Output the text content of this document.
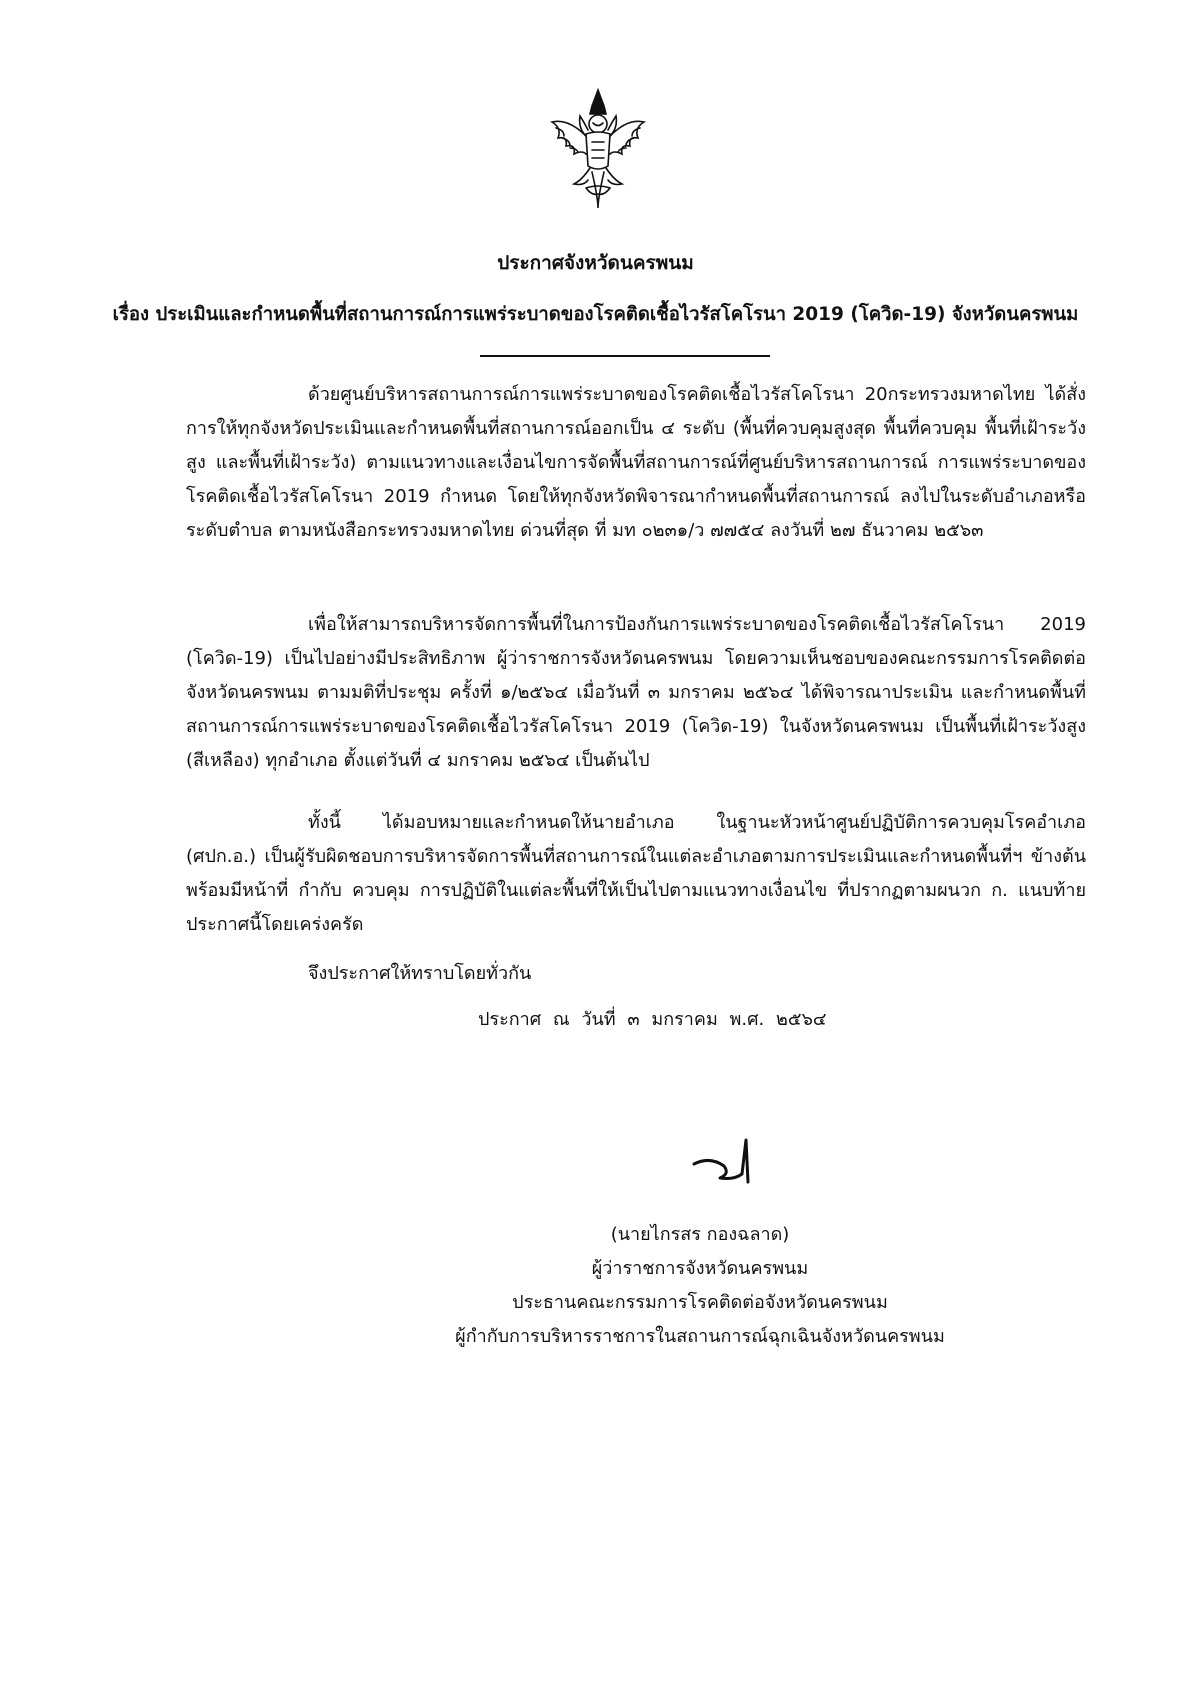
ประกาศจังหวัดนครพนม
เรื่อง ประเมินและกำหนดพื้นที่สถานการณ์การแพร่ระบาดของโรคติดเชื้อไวรัสโคโรนา 2019 (โควิด-19) จังหวัดนครพนม

ด้วยศูนย์บริหารสถานการณ์การแพร่ระบาดของโรคติดเชื้อไวรัสโคโรนา 20กระทรวงมหาดไทย ได้สั่งการให้ทุกจังหวัดประเมินและกำหนดพื้นที่สถานการณ์ออกเป็น ๔ ระดับ (พื้นที่ควบคุมสูงสุด พื้นที่ควบคุม พื้นที่เฝ้าระวังสูง และพื้นที่เฝ้าระวัง) ตามแนวทางและเงื่อนไขการจัดพื้นที่สถานการณ์ที่ศูนย์บริหารสถานการณ์ การแพร่ระบาดของโรคติดเชื้อไวรัสโคโรนา 2019 กำหนด โดยให้ทุกจังหวัดพิจารณากำหนดพื้นที่สถานการณ์ ลงไปในระดับอำเภอหรือระดับตำบล ตามหนังสือกระทรวงมหาดไทย ด่วนที่สุด ที่ มท ๐๒๓๑/ว ๗๗๕๔ ลงวันที่ ๒๗ ธันวาคม ๒๕๖๓

เพื่อให้สามารถบริหารจัดการพื้นที่ในการป้องกันการแพร่ระบาดของโรคติดเชื้อไวรัสโคโรนา 2019 (โควิด-19) เป็นไปอย่างมีประสิทธิภาพ ผู้ว่าราชการจังหวัดนครพนม โดยความเห็นชอบของคณะกรรมการโรคติดต่อ จังหวัดนครพนม ตามมติที่ประชุม ครั้งที่ ๑/๒๕๖๔ เมื่อวันที่ ๓ มกราคม ๒๕๖๔ ได้พิจารณาประเมิน และกำหนดพื้นที่สถานการณ์การแพร่ระบาดของโรคติดเชื้อไวรัสโคโรนา 2019 (โควิด-19) ในจังหวัดนครพนม เป็นพื้นที่เฝ้าระวังสูง (สีเหลือง) ทุกอำเภอ ตั้งแต่วันที่ ๔ มกราคม ๒๕๖๔ เป็นต้นไป

ทั้งนี้ ได้มอบหมายและกำหนดให้นายอำเภอ ในฐานะหัวหน้าศูนย์ปฏิบัติการควบคุมโรคอำเภอ (ศปก.อ.) เป็นผู้รับผิดชอบการบริหารจัดการพื้นที่สถานการณ์ในแต่ละอำเภอตามการประเมินและกำหนดพื้นที่ฯ ข้างต้น พร้อมมีหน้าที่ กำกับ ควบคุม การปฏิบัติในแต่ละพื้นที่ให้เป็นไปตามแนวทางเงื่อนไข ที่ปรากฏตามผนวก ก. แนบท้ายประกาศนี้โดยเคร่งครัด

จึงประกาศให้ทราบโดยทั่วกัน
ประกาศ ณ วันที่ ๓ มกราคม พ.ศ. ๒๕๖๔
(นายไกรสร กองฉลาด)
ผู้ว่าราชการจังหวัดนครพนม
ประธานคณะกรรมการโรคติดต่อจังหวัดนครพนม
ผู้กำกับการบริหารราชการในสถานการณ์ฉุกเฉินจังหวัดนครพนม
